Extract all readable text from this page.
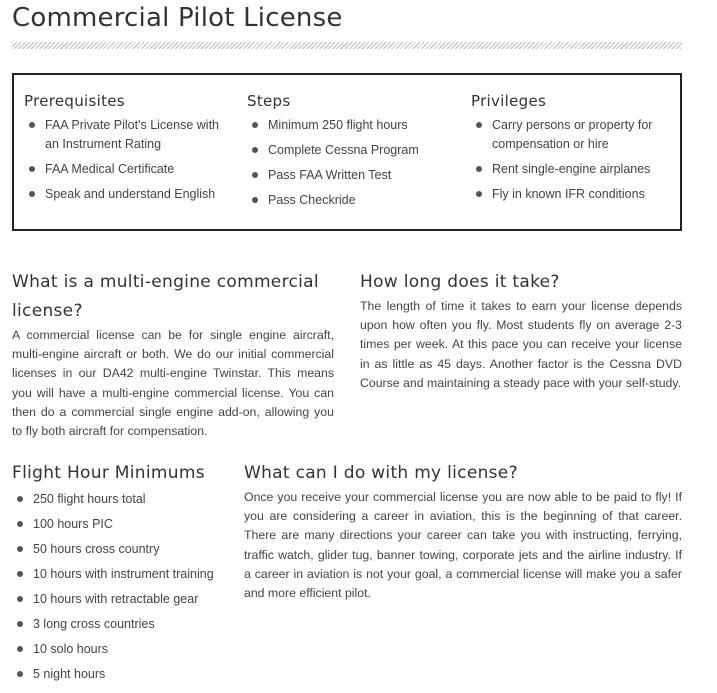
Commercial Pilot License
Prerequisites
FAA Private Pilot's License with an Instrument Rating
FAA Medical Certificate
Speak and understand English
Steps
Minimum 250 flight hours
Complete Cessna Program
Pass FAA Written Test
Pass Checkride
Privileges
Carry persons or property for compensation or hire
Rent single-engine airplanes
Fly in known IFR conditions
What is a multi-engine commercial license?

A commercial license can be for single engine aircraft, multi-engine aircraft or both. We do our initial commercial licenses in our DA42 multi-engine Twinstar. This means you will have a multi-engine commercial license. You can then do a commercial single engine add-on, allowing you to fly both aircraft for compensation.

How long does it take?

The length of time it takes to earn your license depends upon how often you fly. Most students fly on average 2-3 times per week. At this pace you can receive your license in as little as 45 days. Another factor is the Cessna DVD Course and maintaining a steady pace with your self-study.

Flight Hour Minimums
250 flight hours total
100 hours PIC
50 hours cross country
10 hours with instrument training
10 hours with retractable gear
3 long cross countries
10 solo hours
5 night hours
What can I do with my license?

Once you receive your commercial license you are now able to be paid to fly! If you are considering a career in aviation, this is the beginning of that career. There are many directions your career can take you with instructing, ferrying, traffic watch, glider tug, banner towing, corporate jets and the airline industry. If a career in aviation is not your goal, a commercial license will make you a safer and more efficient pilot.
